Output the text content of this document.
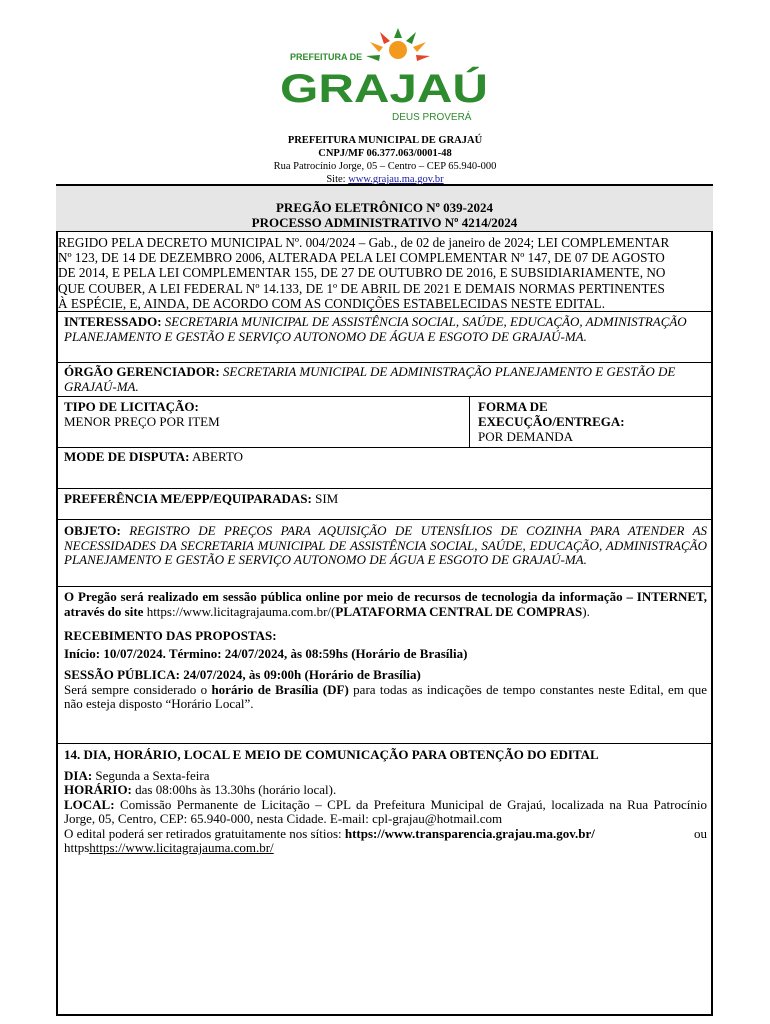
PREFEITURA DE
GRAJAÚ
DEUS PROVERÁ
PREFEITURA MUNICIPAL DE GRAJAÚ
CNPJ/MF 06.377.063/0001-48
Rua Patrocínio Jorge, 05 – Centro – CEP 65.940-000
Site: www.grajau.ma.gov.br
PREGÃO ELETRÔNICO Nº 039-2024
PROCESSO ADMINISTRATIVO Nº 4214/2024
REGIDO PELA DECRETO MUNICIPAL Nº. 004/2024 – Gab., de 02 de janeiro de 2024; LEI COMPLEMENTAR
Nº 123, DE 14 DE DEZEMBRO 2006, ALTERADA PELA LEI COMPLEMENTAR Nº 147, DE 07 DE AGOSTO
DE 2014, E PELA LEI COMPLEMENTAR 155, DE 27 DE OUTUBRO DE 2016, E SUBSIDIARIAMENTE, NO
QUE COUBER, A LEI FEDERAL Nº 14.133, DE 1º DE ABRIL DE 2021 E DEMAIS NORMAS PERTINENTES
À ESPÉCIE, E, AINDA, DE ACORDO COM AS CONDIÇÕES ESTABELECIDAS NESTE EDITAL.
INTERESSADO: SECRETARIA MUNICIPAL DE ASSISTÊNCIA SOCIAL, SAÚDE, EDUCAÇÃO, ADMINISTRAÇÃO PLANEJAMENTO E GESTÃO E SERVIÇO AUTONOMO DE ÁGUA E ESGOTO DE GRAJAÚ-MA.
ÓRGÃO GERENCIADOR: SECRETARIA MUNICIPAL DE ADMINISTRAÇÃO PLANEJAMENTO E GESTÃO DE GRAJAÚ-MA.
TIPO DE LICITAÇÃO:
MENOR PREÇO POR ITEM
FORMA DE
EXECUÇÃO/ENTREGA:
POR DEMANDA
MODE DE DISPUTA: ABERTO
PREFERÊNCIA ME/EPP/EQUIPARADAS: SIM
OBJETO: REGISTRO DE PREÇOS PARA AQUISIÇÃO DE UTENSÍLIOS DE COZINHA PARA ATENDER AS NECESSIDADES DA SECRETARIA MUNICIPAL DE ASSISTÊNCIA SOCIAL, SAÚDE, EDUCAÇÃO, ADMINISTRAÇÃO PLANEJAMENTO E GESTÃO E SERVIÇO AUTONOMO DE ÁGUA E ESGOTO DE GRAJAÚ-MA.
O Pregão será realizado em sessão pública online por meio de recursos de tecnologia da informação – INTERNET, através do site https://www.licitagrajauma.com.br/(PLATAFORMA CENTRAL DE COMPRAS).
RECEBIMENTO DAS PROPOSTAS:
Início: 10/07/2024. Término: 24/07/2024, às 08:59hs (Horário de Brasília)
SESSÃO PÚBLICA: 24/07/2024, às 09:00h (Horário de Brasília)
Será sempre considerado o horário de Brasília (DF) para todas as indicações de tempo constantes neste Edital, em que não esteja disposto “Horário Local”.
14. DIA, HORÁRIO, LOCAL E MEIO DE COMUNICAÇÃO PARA OBTENÇÃO DO EDITAL
DIA: Segunda a Sexta-feira
HORÁRIO: das 08:00hs às 13.30hs (horário local).
LOCAL: Comissão Permanente de Licitação – CPL da Prefeitura Municipal de Grajaú, localizada na Rua Patrocínio Jorge, 05, Centro, CEP: 65.940-000, nesta Cidade. E-mail: cpl-grajau@hotmail.com
O edital poderá ser retirados gratuitamente nos sítios: https://www.transparencia.grajau.ma.gov.br/	ou
httpshttps://www.licitagrajauma.com.br/
